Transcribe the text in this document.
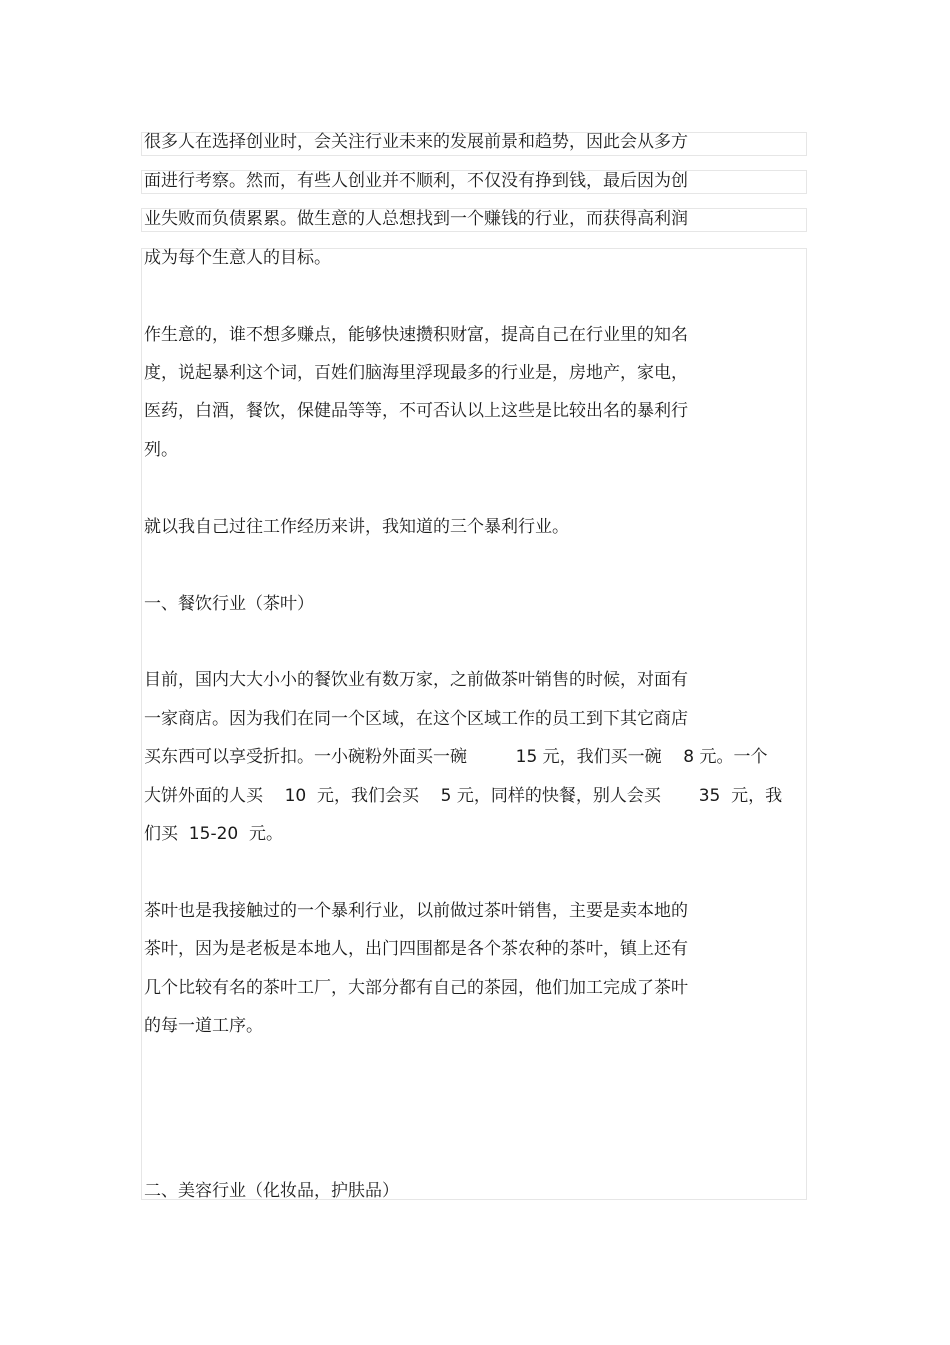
很多人在选择创业时，会关注行业未来的发展前景和趋势，因此会从多方
面进行考察。然而，有些人创业并不顺利，不仅没有挣到钱，最后因为创
业失败而负债累累。做生意的人总想找到一个赚钱的行业，而获得高利润
成为每个生意人的目标。
作生意的，谁不想多赚点，能够快速攒积财富，提高自己在行业里的知名
度，说起暴利这个词，百姓们脑海里浮现最多的行业是，房地产，家电，
医药，白酒，餐饮，保健品等等，不可否认以上这些是比较出名的暴利行
列。
就以我自己过往工作经历来讲，我知道的三个暴利行业。
一、餐饮行业（茶叶）
目前，国内大大小小的餐饮业有数万家，之前做茶叶销售的时候，对面有
一家商店。因为我们在同一个区域，在这个区域工作的员工到下其它商店
买东西可以享受折扣。一小碗粉外面买一碗         15 元，我们买一碗    8 元。一个
大饼外面的人买    10  元，我们会买    5 元，同样的快餐，别人会买       35  元，我
们买  15-20  元。
茶叶也是我接触过的一个暴利行业，以前做过茶叶销售，主要是卖本地的
茶叶，因为是老板是本地人，出门四围都是各个茶农种的茶叶，镇上还有
几个比较有名的茶叶工厂，大部分都有自己的茶园，他们加工完成了茶叶
的每一道工序。
二、美容行业（化妆品，护肤品）
